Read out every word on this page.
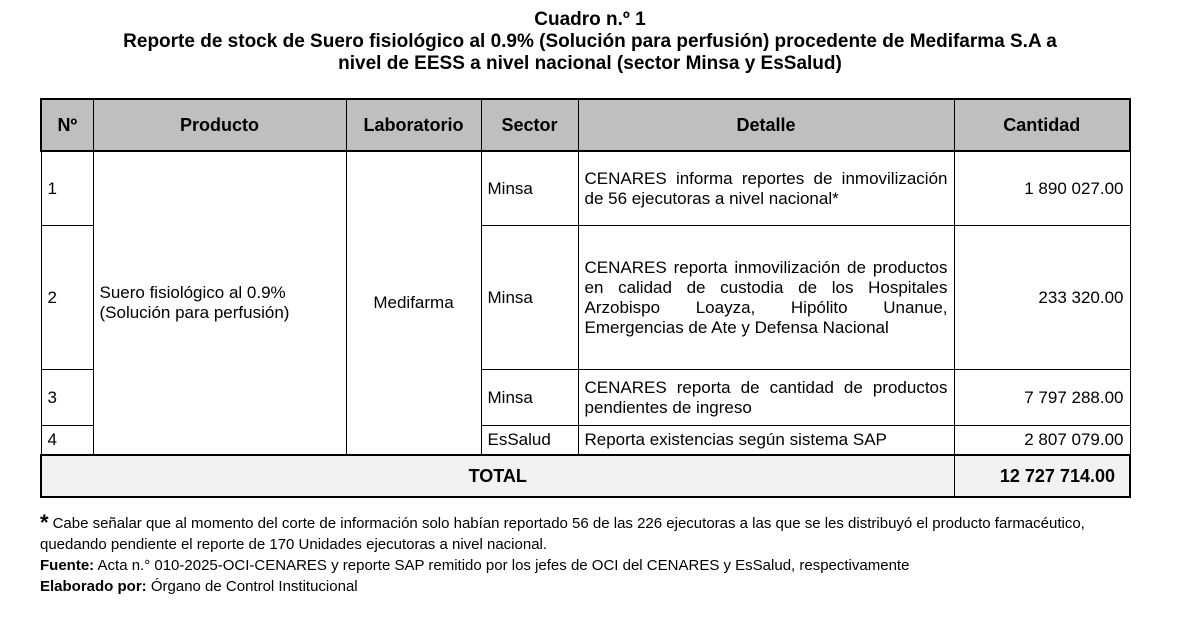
Cuadro n.º 1
Reporte de stock de Suero fisiológico al 0.9% (Solución para perfusión) procedente de Medifarma S.A a
nivel de EESS a nivel nacional (sector Minsa y EsSalud)
Nº	Producto	Laboratorio	Sector	Detalle	Cantidad
1	Suero fisiológico al 0.9% (Solución para perfusión)	Medifarma	Minsa	CENARES informa reportes de inmovilización de 56 ejecutoras a nivel nacional*	1 890 027.00
2			Minsa	CENARES reporta inmovilización de productos en calidad de custodia de los Hospitales Arzobispo Loayza, Hipólito Unanue, Emergencias de Ate y Defensa Nacional	233 320.00
3			Minsa	CENARES reporta de cantidad de productos pendientes de ingreso	7 797 288.00
4			EsSalud	Reporta existencias según sistema SAP	2 807 079.00
TOTAL					12 727 714.00
* Cabe señalar que al momento del corte de información solo habían reportado 56 de las 226 ejecutoras a las que se les distribuyó el producto farmacéutico, quedando pendiente el reporte de 170 Unidades ejecutoras a nivel nacional.
Fuente: Acta n.° 010-2025-OCI-CENARES y reporte SAP remitido por los jefes de OCI del CENARES y EsSalud, respectivamente
Elaborado por: Órgano de Control Institucional
